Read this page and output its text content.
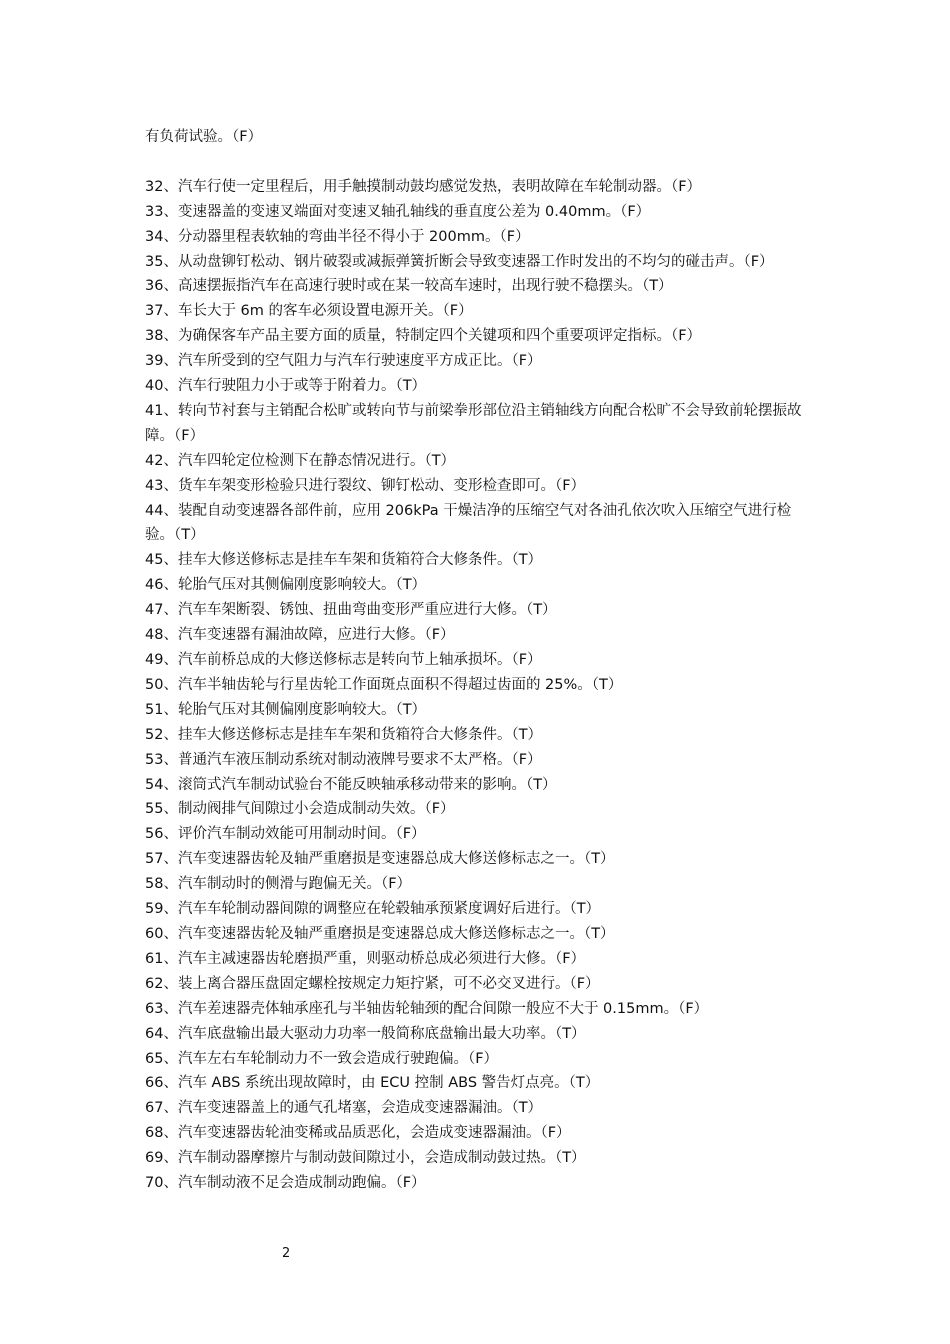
有负荷试验。（F）
32、汽车行使一定里程后，用手触摸制动鼓均感觉发热，表明故障在车轮制动器。（F）
33、变速器盖的变速叉端面对变速叉轴孔轴线的垂直度公差为 0.40mm。（F）
34、分动器里程表软轴的弯曲半径不得小于 200mm。（F）
35、从动盘铆钉松动、钢片破裂或减振弹簧折断会导致变速器工作时发出的不均匀的碰击声。（F）
36、高速摆振指汽车在高速行驶时或在某一较高车速时，出现行驶不稳摆头。（T）
37、车长大于 6m 的客车必须设置电源开关。（F）
38、为确保客车产品主要方面的质量，特制定四个关键项和四个重要项评定指标。（F）
39、汽车所受到的空气阻力与汽车行驶速度平方成正比。（F）
40、汽车行驶阻力小于或等于附着力。（T）
41、转向节衬套与主销配合松旷或转向节与前梁拳形部位沿主销轴线方向配合松旷不会导致前轮摆振故障。（F）
42、汽车四轮定位检测下在静态情况进行。（T）
43、货车车架变形检验只进行裂纹、铆钉松动、变形检查即可。（F）
44、装配自动变速器各部件前，应用 206kPa 干燥洁净的压缩空气对各油孔依次吹入压缩空气进行检验。（T）
45、挂车大修送修标志是挂车车架和货箱符合大修条件。（T）
46、轮胎气压对其侧偏刚度影响较大。（T）
47、汽车车架断裂、锈蚀、扭曲弯曲变形严重应进行大修。（T）
48、汽车变速器有漏油故障，应进行大修。（F）
49、汽车前桥总成的大修送修标志是转向节上轴承损坏。（F）
50、汽车半轴齿轮与行星齿轮工作面斑点面积不得超过齿面的 25%。（T）
51、轮胎气压对其侧偏刚度影响较大。（T）
52、挂车大修送修标志是挂车车架和货箱符合大修条件。（T）
53、普通汽车液压制动系统对制动液牌号要求不太严格。（F）
54、滚筒式汽车制动试验台不能反映轴承移动带来的影响。（T）
55、制动阀排气间隙过小会造成制动失效。（F）
56、评价汽车制动效能可用制动时间。（F）
57、汽车变速器齿轮及轴严重磨损是变速器总成大修送修标志之一。（T）
58、汽车制动时的侧滑与跑偏无关。（F）
59、汽车车轮制动器间隙的调整应在轮毂轴承预紧度调好后进行。（T）
60、汽车变速器齿轮及轴严重磨损是变速器总成大修送修标志之一。（T）
61、汽车主减速器齿轮磨损严重，则驱动桥总成必须进行大修。（F）
62、装上离合器压盘固定螺栓按规定力矩拧紧，可不必交叉进行。（F）
63、汽车差速器壳体轴承座孔与半轴齿轮轴颈的配合间隙一般应不大于 0.15mm。（F）
64、汽车底盘输出最大驱动力功率一般简称底盘输出最大功率。（T）
65、汽车左右车轮制动力不一致会造成行驶跑偏。（F）
66、汽车 ABS 系统出现故障时，由 ECU 控制 ABS 警告灯点亮。（T）
67、汽车变速器盖上的通气孔堵塞，会造成变速器漏油。（T）
68、汽车变速器齿轮油变稀或品质恶化，会造成变速器漏油。（F）
69、汽车制动器摩擦片与制动鼓间隙过小，会造成制动鼓过热。（T）
70、汽车制动液不足会造成制动跑偏。（F）
2
